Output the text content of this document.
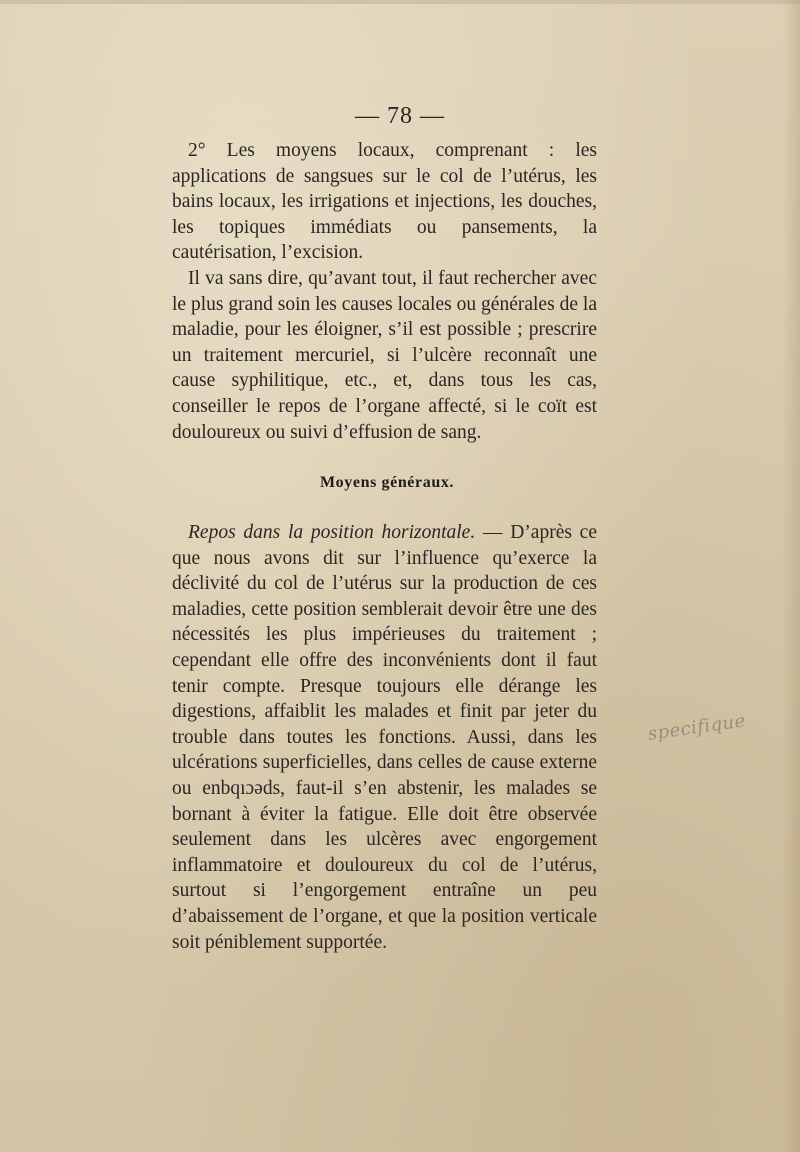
— 78 —

2° Les moyens locaux, comprenant : les applications de sangsues sur le col de l’utérus, les bains locaux, les irrigations et injections, les douches, les topiques immédiats ou pansements, la cautérisation, l’excision.

Il va sans dire, qu’avant tout, il faut rechercher avec le plus grand soin les causes locales ou générales de la maladie, pour les éloigner, s’il est possible ; prescrire un traitement mercuriel, si l’ulcère reconnaît une cause syphilitique, etc., et, dans tous les cas, conseiller le repos de l’organe affecté, si le coït est douloureux ou suivi d’effusion de sang.

Moyens généraux.

Repos dans la position horizontale. — D’après ce que nous avons dit sur l’influence qu’exerce la déclivité du col de l’utérus sur la production de ces maladies, cette position semblerait devoir être une des nécessités les plus impérieuses du traitement ; cependant elle offre des inconvénients dont il faut tenir compte. Presque toujours elle dérange les digestions, affaiblit les malades et finit par jeter du trouble dans toutes les fonctions. Aussi, dans les ulcérations superficielles, dans celles de cause externe ou enbqıɔəds, faut-il s’en abstenir, les malades se bornant à éviter la fatigue. Elle doit être observée seulement dans les ulcères avec engorgement inflammatoire et douloureux du col de l’utérus, surtout si l’engorgement entraîne un peu d’abaissement de l’organe, et que la position verticale soit péniblement supportée.

specifique
